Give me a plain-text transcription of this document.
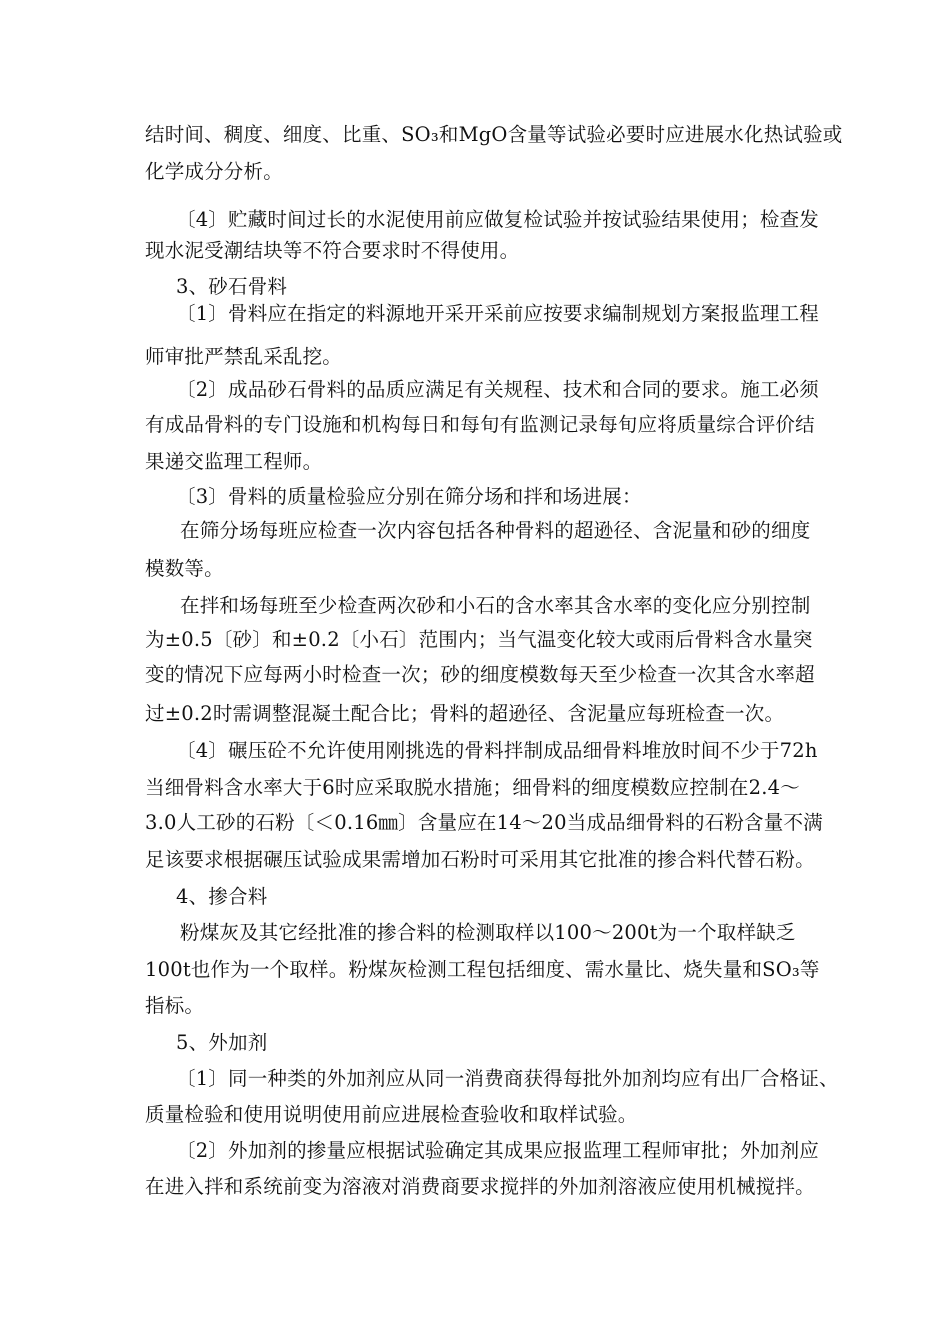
结时间、稠度、细度、比重、SO₃和MgO含量等试验必要时应进展水化热试验或
化学成分分析。
〔4〕贮藏时间过长的水泥使用前应做复检试验并按试验结果使用；检查发
现水泥受潮结块等不符合要求时不得使用。
3、砂石骨料
〔1〕骨料应在指定的料源地开采开采前应按要求编制规划方案报监理工程
师审批严禁乱采乱挖。
〔2〕成品砂石骨料的品质应满足有关规程、技术和合同的要求。施工必须
有成品骨料的专门设施和机构每日和每旬有监测记录每旬应将质量综合评价结
果递交监理工程师。
〔3〕骨料的质量检验应分别在筛分场和拌和场进展：
在筛分场每班应检查一次内容包括各种骨料的超逊径、含泥量和砂的细度
模数等。
在拌和场每班至少检查两次砂和小石的含水率其含水率的变化应分别控制
为±0.5〔砂〕和±0.2〔小石〕范围内；当气温变化较大或雨后骨料含水量突
变的情况下应每两小时检查一次；砂的细度模数每天至少检查一次其含水率超
过±0.2时需调整混凝土配合比；骨料的超逊径、含泥量应每班检查一次。
〔4〕碾压砼不允许使用刚挑选的骨料拌制成品细骨料堆放时间不少于72h
当细骨料含水率大于6时应采取脱水措施；细骨料的细度模数应控制在2.4～
3.0人工砂的石粉〔＜0.16㎜〕含量应在14～20当成品细骨料的石粉含量不满
足该要求根据碾压试验成果需增加石粉时可采用其它批准的掺合料代替石粉。
4、掺合料
粉煤灰及其它经批准的掺合料的检测取样以100～200t为一个取样缺乏
100t也作为一个取样。粉煤灰检测工程包括细度、需水量比、烧失量和SO₃等
指标。
5、外加剂
〔1〕同一种类的外加剂应从同一消费商获得每批外加剂均应有出厂合格证、
质量检验和使用说明使用前应进展检查验收和取样试验。
〔2〕外加剂的掺量应根据试验确定其成果应报监理工程师审批；外加剂应
在进入拌和系统前变为溶液对消费商要求搅拌的外加剂溶液应使用机械搅拌。
